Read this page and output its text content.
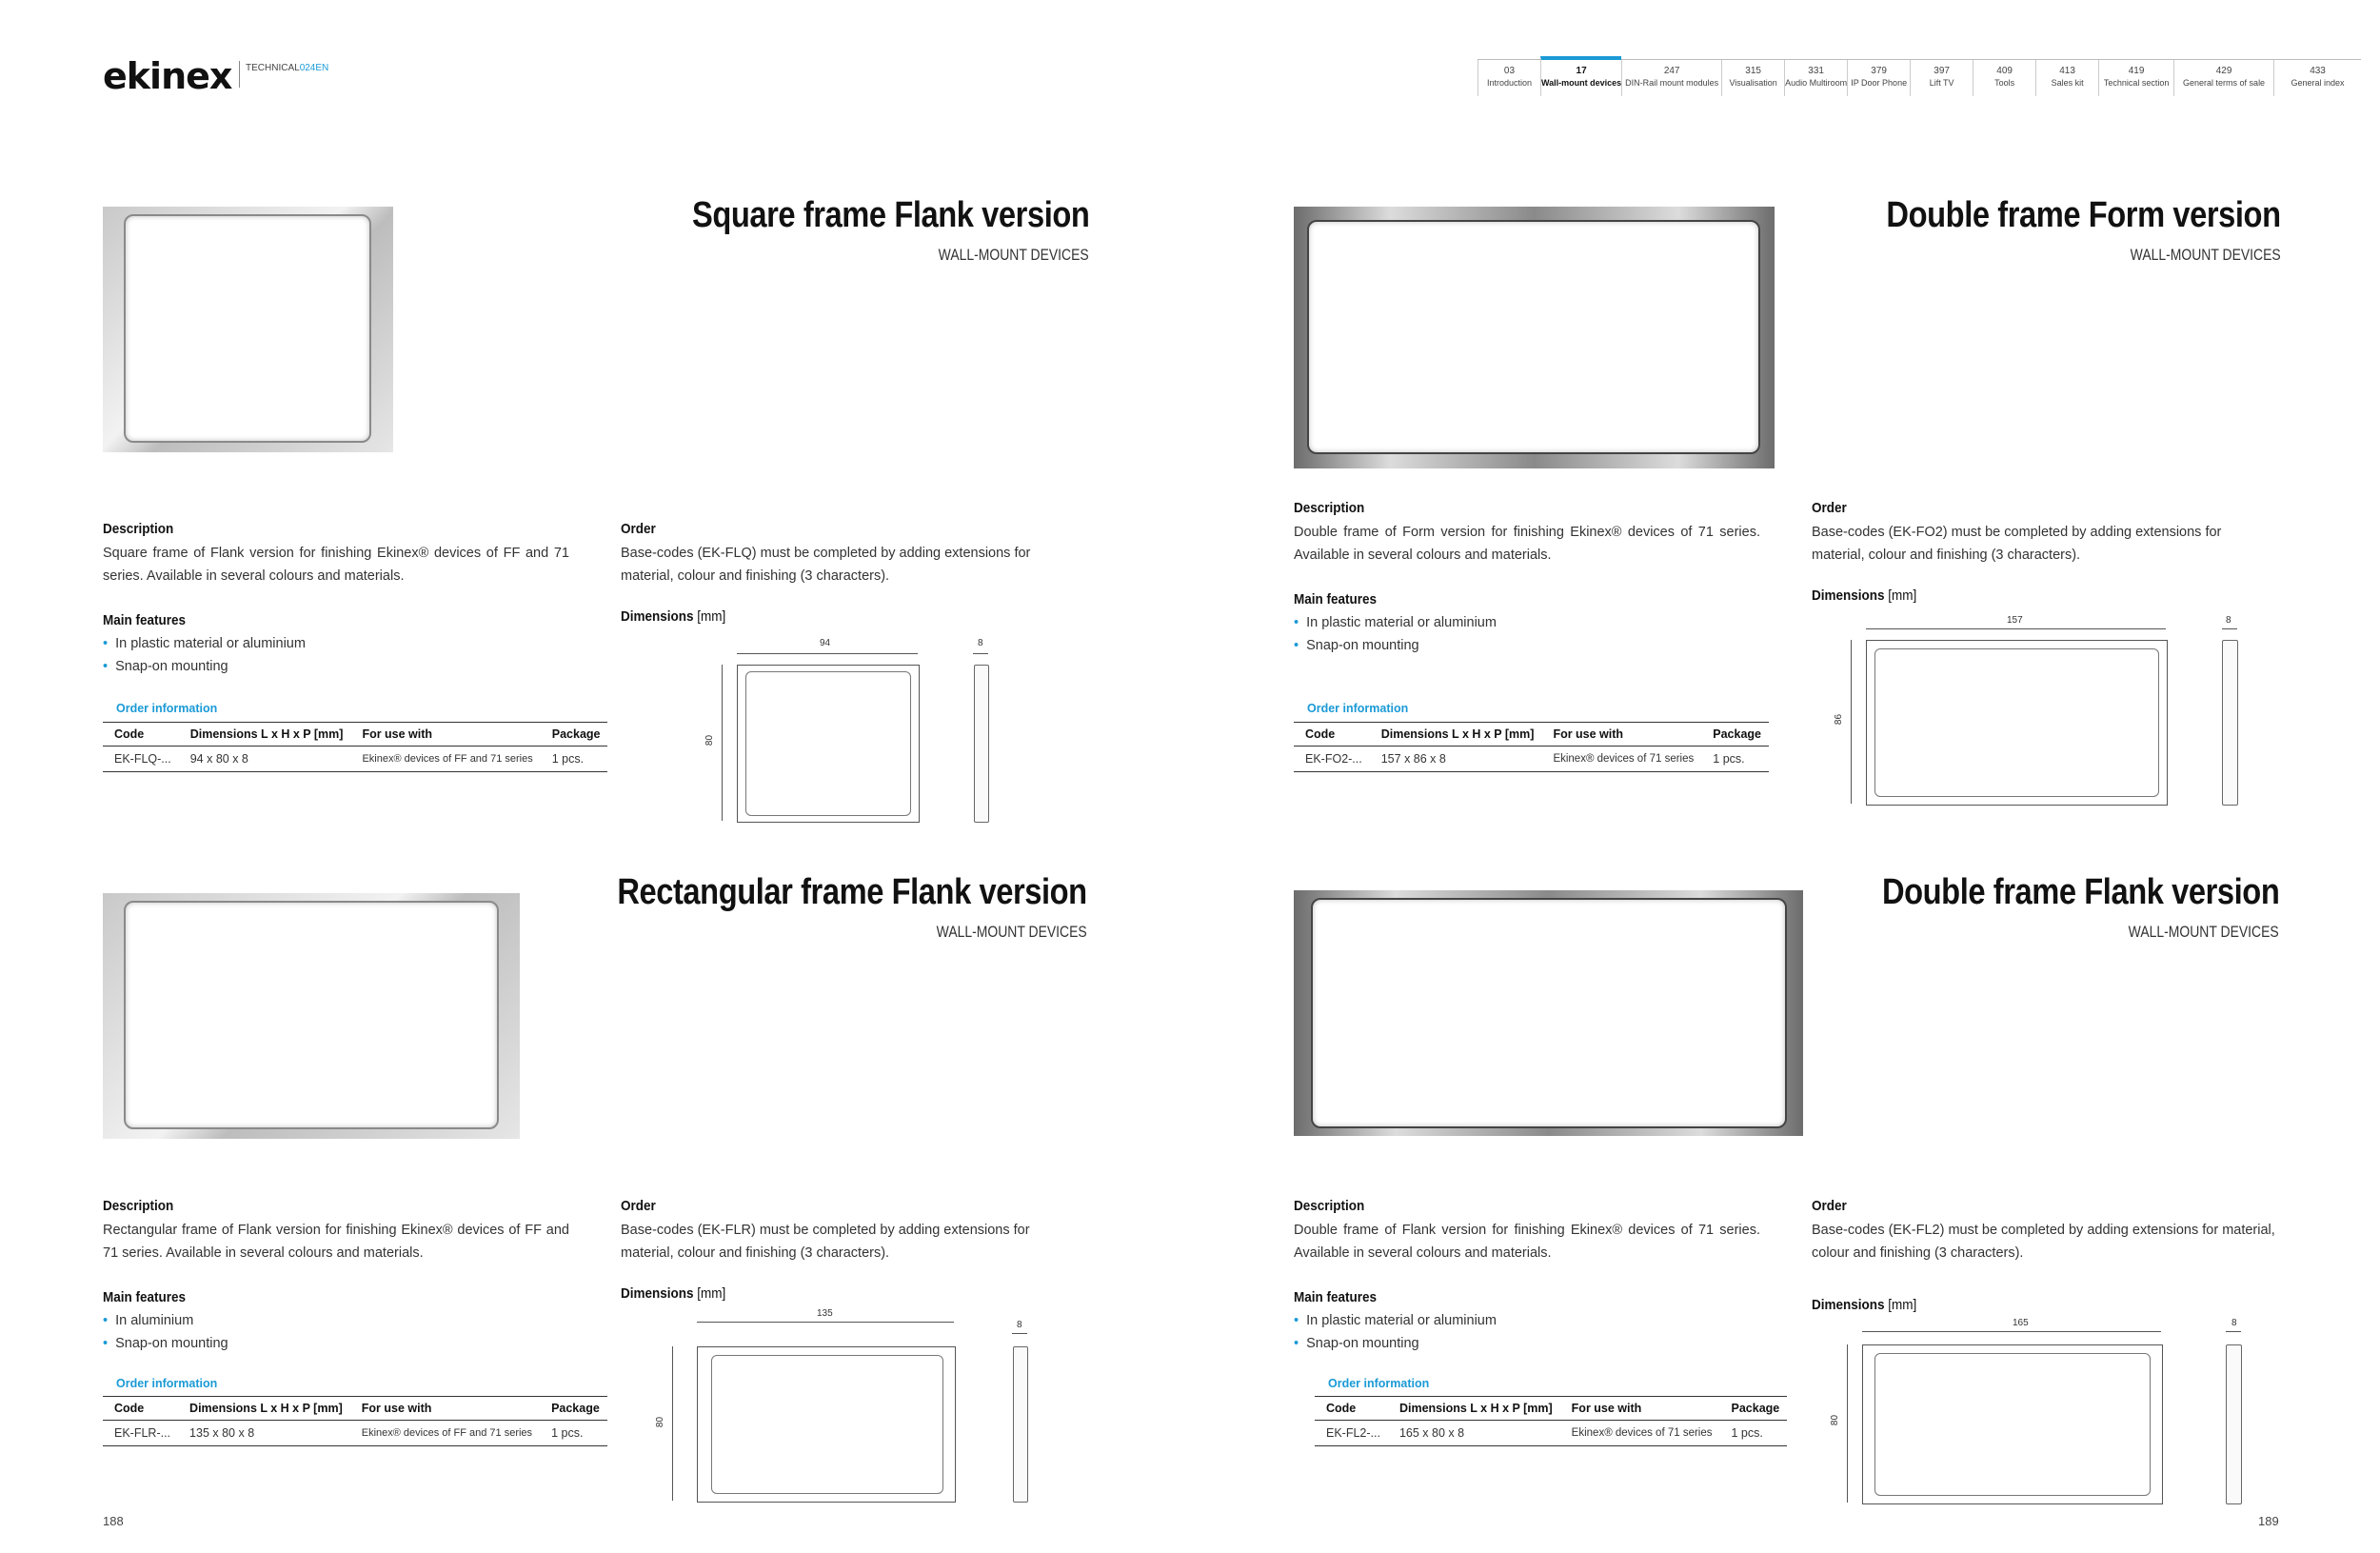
ekinex TECHNICAL024EN	03
Introduction
17
Wall-mount devices
247
DIN-Rail mount modules
315
Visualisation
331
Audio Multiroom
379
IP Door Phone
397
Lift TV
409
Tools
413
Sales kit
419
Technical section
429
General terms of sale
433
General index
Square frame Flank version
WALL-MOUNT DEVICES
Description
Square frame of Flank version for finishing Ekinex® devices of FF and 71 series. Available in several colours and materials.
Main features
• In plastic material or aluminium
• Snap-on mounting
Order information
Code	Dimensions L x H x P [mm]	For use with	Package
EK-FLQ-...	94 x 80 x 8	Ekinex® devices of FF and 71 series	1 pcs.
Order
Base-codes (EK-FLQ) must be completed by adding extensions for material, colour and finishing (3 characters).
Dimensions [mm]
94
80
8
Double frame Form version
WALL-MOUNT DEVICES
Description
Double frame of Form version for finishing Ekinex® devices of 71 series. Available in several colours and materials.
Main features
• In plastic material or aluminium
• Snap-on mounting
Order information
Code	Dimensions L x H x P [mm]	For use with	Package
EK-FO2-...	157 x 86 x 8	Ekinex® devices of 71 series	1 pcs.
Order
Base-codes (EK-FO2) must be completed by adding extensions for material, colour and finishing (3 characters).
Dimensions [mm]
157
86
8
Rectangular frame Flank version
WALL-MOUNT DEVICES
Description
Rectangular frame of Flank version for finishing Ekinex® devices of FF and 71 series. Available in several colours and materials.
Main features
• In aluminium
• Snap-on mounting
Order information
Code	Dimensions L x H x P [mm]	For use with	Package
EK-FLR-...	135 x 80 x 8	Ekinex® devices of FF and 71 series	1 pcs.
Order
Base-codes (EK-FLR) must be completed by adding extensions for material, colour and finishing (3 characters).
Dimensions [mm]
135
80
8
Double frame Flank version
WALL-MOUNT DEVICES
Description
Double frame of Flank version for finishing Ekinex® devices of 71 series. Available in several colours and materials.
Main features
• In plastic material or aluminium
• Snap-on mounting
Order information
Code	Dimensions L x H x P [mm]	For use with	Package
EK-FL2-...	165 x 80 x 8	Ekinex® devices of 71 series	1 pcs.
Order
Base-codes (EK-FL2) must be completed by adding extensions for material, colour and finishing (3 characters).
Dimensions [mm]
165
80
8
188	189
